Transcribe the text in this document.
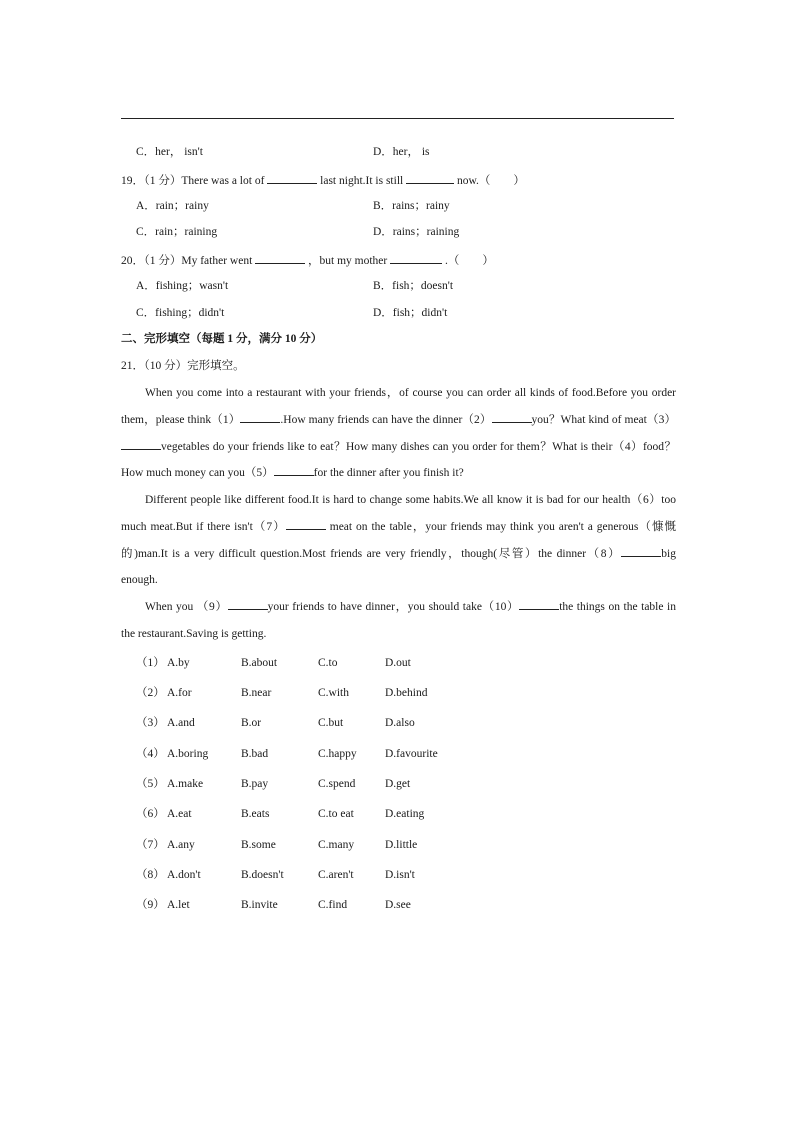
C．her， isn't	D．her， is
19．（1 分）There was a lot of	last night.It is still	now.（　　）
A．rain；rainy	B．rains；rainy
C．rain；raining	D．rains；raining
20．（1 分）My father went	，but my mother	.（　　）
A．fishing；wasn't	B．fish；doesn't
C．fishing；didn't	D．fish；didn't
二、完形填空（每题 1 分，满分 10 分）
21．（10 分）完形填空。
When you come into a restaurant with your friends，of course you can order all kinds of food.Before you order them，please think（1）	.How many friends can have the dinner（2）	you？What kind of meat（3）vegetables do your friends like to eat？How many dishes can you order for them？What is their（4）food？How much money can you（5）	for the dinner after you finish it?
Different people like different food.It is hard to change some habits.We all know it is bad for our health（6）too much meat.But if there isn't（7）	meat on the table，your friends may think you aren't a generous（慷慨的)man.It is a very difficult question.Most friends are very friendly，though(尽管）the dinner（8）	big enough.
When you （9）	your friends to have dinner，you should take（10）	the things on the table in the restaurant.Saving is getting.
（1） A.by	B.about	C.to	D.out
（2） A.for	B.near	C.with	D.behind
（3） A.and	B.or	C.but	D.also
（4） A.boring	B.bad	C.happy D.favourite
（5） A.make	B.pay	C.spend	D.get
（6） A.eat	B.eats	C.to eat	D.eating
（7） A.any	B.some	C.many	D.little
（8） A.don't	B.doesn't	C.aren't	D.isn't
（9） A.let	B.invite	C.find	D.see
